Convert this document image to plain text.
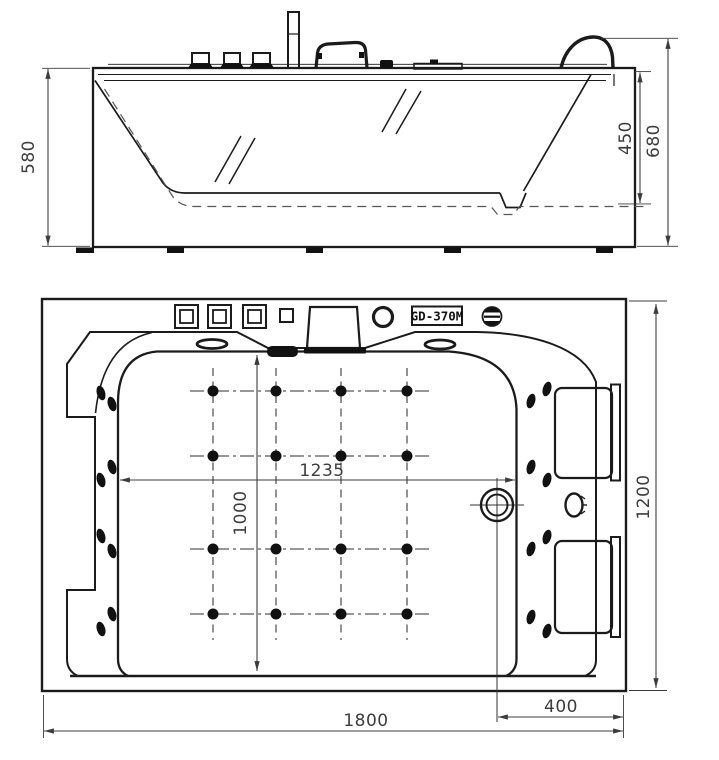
580
450 680
GD-370M
1235
1000	1200
400
1800
